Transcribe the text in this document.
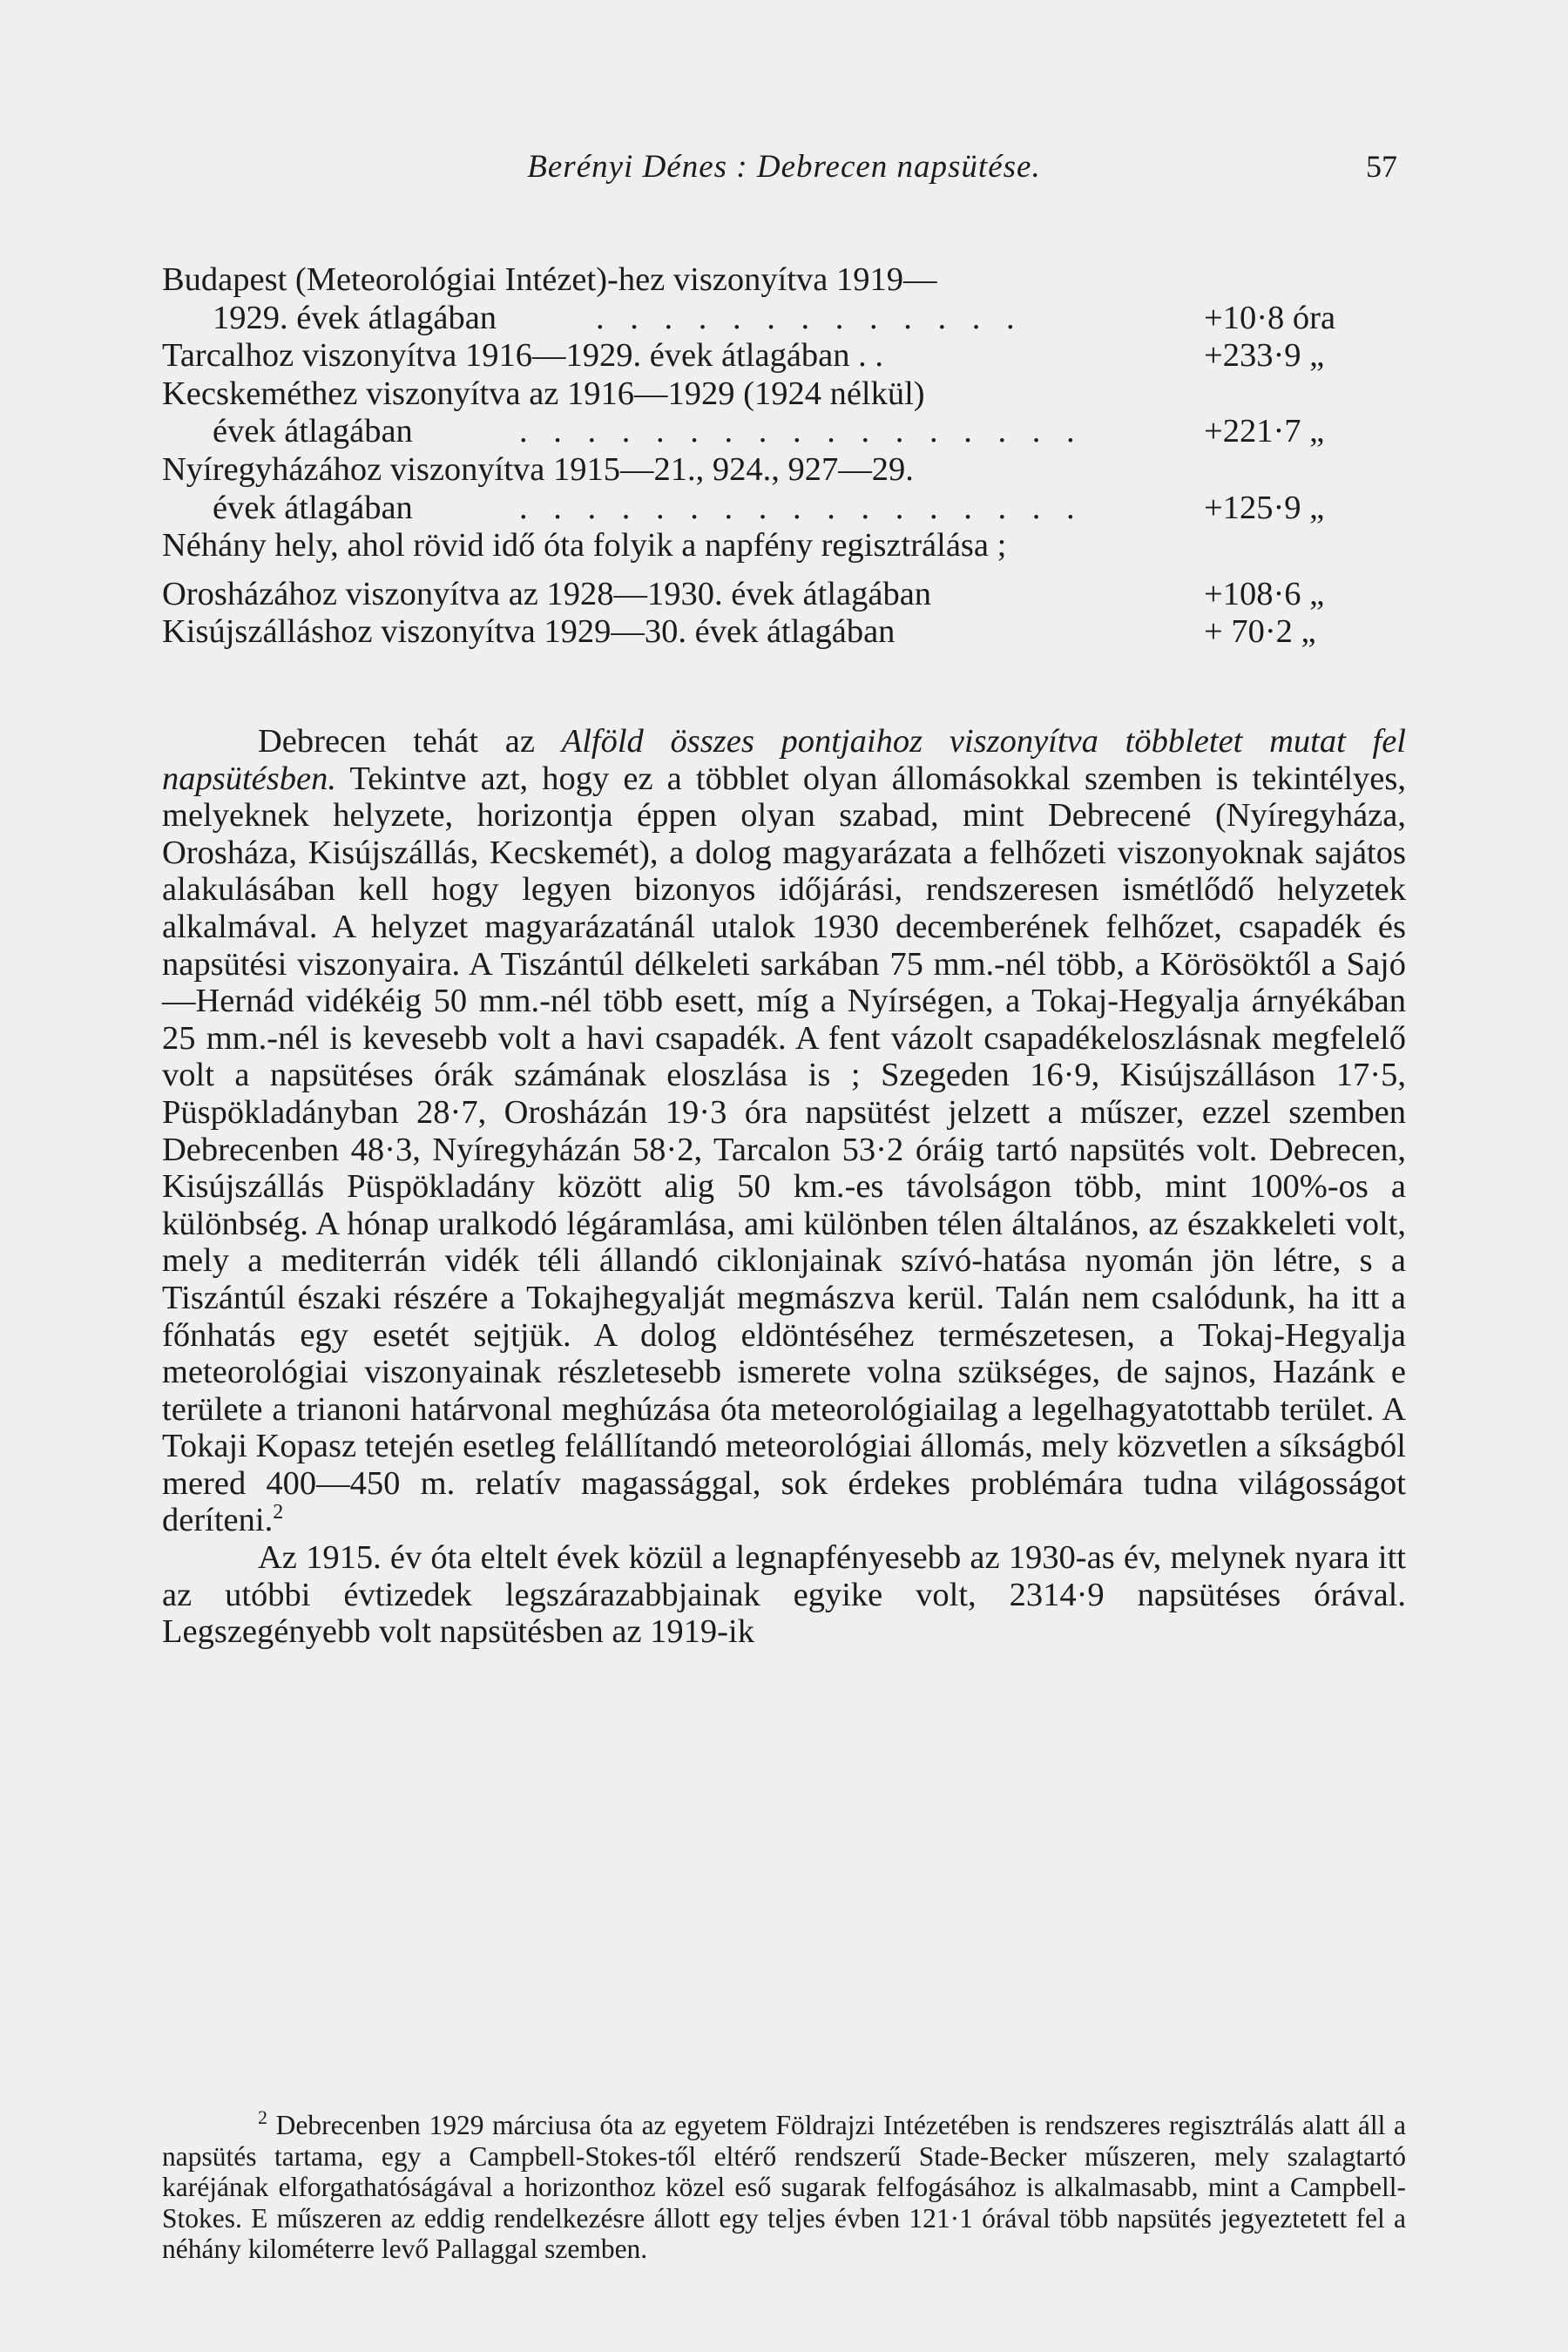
Berényi Dénes : Debrecen napsütése.	57
Budapest (Meteorológiai Intézet)-hez viszonyítva 1919—
1929. évek átlagában	. . . . . . . . . . . . .	+10·8 óra
Tarcalhoz viszonyítva 1916—1929. évek átlagában . .	+233·9 „
Kecskeméthez viszonyítva az 1916—1929 (1924 nélkül)
évek átlagában	. . . . . . . . . . . . . . . . .	+221·7 „
Nyíregyházához viszonyítva 1915—21., 924., 927—29.
évek átlagában	. . . . . . . . . . . . . . . . .	+125·9 „
Néhány hely, ahol rövid idő óta folyik a napfény regisztrálása ;
Orosházához viszonyítva az 1928—1930. évek átlagában	+108·6 „
Kisújszálláshoz viszonyítva 1929—30. évek átlagában	+ 70·2 „

Debrecen tehát az Alföld összes pontjaihoz viszonyítva többletet mutat fel napsütésben. Tekintve azt, hogy ez a többlet olyan állomásokkal szemben is tekintélyes, melyeknek helyzete, horizontja éppen olyan szabad, mint Debrecené (Nyíregyháza, Orosháza, Kisújszállás, Kecskemét), a dolog magyarázata a felhőzeti viszonyoknak sajátos alakulásában kell hogy legyen bizonyos időjárási, rendszeresen ismétlődő helyzetek alkalmával. A helyzet magyarázatánál utalok 1930 decemberének felhőzet, csapadék és napsütési viszonyaira. A Tiszántúl délkeleti sarkában 75 mm.-nél több, a Körösöktől a Sajó—Hernád vidékéig 50 mm.-nél több esett, míg a Nyírségen, a Tokaj-Hegyalja árnyékában 25 mm.-nél is kevesebb volt a havi csapadék. A fent vázolt csapadékeloszlásnak megfelelő volt a napsütéses órák számának eloszlása is ; Szegeden 16·9, Kisújszálláson 17·5, Püspökladányban 28·7, Orosházán 19·3 óra napsütést jelzett a műszer, ezzel szemben Debrecenben 48·3, Nyíregyházán 58·2, Tarcalon 53·2 óráig tartó napsütés volt. Debrecen, Kisújszállás Püspökladány között alig 50 km.-es távolságon több, mint 100%-os a különbség. A hónap uralkodó légáramlása, ami különben télen általános, az északkeleti volt, mely a mediterrán vidék téli állandó ciklonjainak szívó-hatása nyomán jön létre, s a Tiszántúl északi részére a Tokajhegyalját megmászva kerül. Talán nem csalódunk, ha itt a főnhatás egy esetét sejtjük. A dolog eldöntéséhez természetesen, a Tokaj-Hegyalja meteorológiai viszonyainak részletesebb ismerete volna szükséges, de sajnos, Hazánk e területe a trianoni határvonal meghúzása óta meteorológiailag a legelhagyatottabb terület. A Tokaji Kopasz tetején esetleg felállítandó meteorológiai állomás, mely közvetlen a síkságból mered 400—450 m. relatív magassággal, sok érdekes problémára tudna világosságot deríteni.$^2$

Az 1915. év óta eltelt évek közül a legnapfényesebb az 1930-as év, melynek nyara itt az utóbbi évtizedek legszárazabbjainak egyike volt, 2314·9 napsütéses órával. Legszegényebb volt napsütésben az 1919-ik

$^2$ Debrecenben 1929 márciusa óta az egyetem Földrajzi Intézetében is rendszeres regisztrálás alatt áll a napsütés tartama, egy a Campbell-Stokes-től eltérő rendszerű Stade-Becker műszeren, mely szalagtartó karéjának elforgathatóságával a horizonthoz közel eső sugarak felfogásához is alkalmasabb, mint a Campbell-Stokes. E műszeren az eddig rendelkezésre állott egy teljes évben 121·1 órával több napsütés jegyeztetett fel a néhány kilométerre levő Pallaggal szemben.
